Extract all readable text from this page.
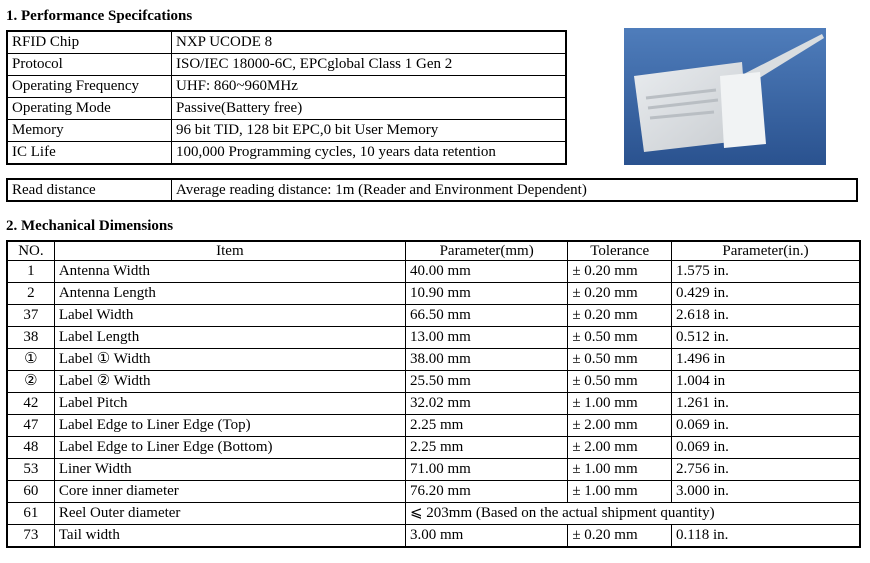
1. Performance Specifcations
RFID Chip	NXP UCODE 8
Protocol	ISO/IEC 18000-6C, EPCglobal Class 1 Gen 2
Operating Frequency	UHF: 860~960MHz
Operating Mode	Passive(Battery free)
Memory	96 bit TID, 128 bit EPC,0 bit User Memory
IC Life	100,000 Programming cycles, 10 years data retention
Read distance	Average reading distance: 1m (Reader and Environment Dependent)
2. Mechanical Dimensions
NO.	Item	Parameter(mm)	Tolerance	Parameter(in.)
1	Antenna Width	40.00 mm	± 0.20 mm	1.575 in.
2	Antenna Length	10.90 mm	± 0.20 mm	0.429 in.
37	Label Width	66.50 mm	± 0.20 mm	2.618 in.
38	Label Length	13.00 mm	± 0.50 mm	0.512 in.
①	Label ① Width	38.00 mm	± 0.50 mm	1.496 in
②	Label ② Width	25.50 mm	± 0.50 mm	1.004 in
42	Label Pitch	32.02 mm	± 1.00 mm	1.261 in.
47	Label Edge to Liner Edge (Top)	2.25 mm	± 2.00 mm	0.069 in.
48	Label Edge to Liner Edge (Bottom)	2.25 mm	± 2.00 mm	0.069 in.
53	Liner Width	71.00 mm	± 1.00 mm	2.756 in.
60	Core inner diameter	76.20 mm	± 1.00 mm	3.000 in.
61	Reel Outer diameter	⩽ 203mm (Based on the actual shipment quantity)		
73	Tail width	3.00 mm	± 0.20 mm	0.118 in.
